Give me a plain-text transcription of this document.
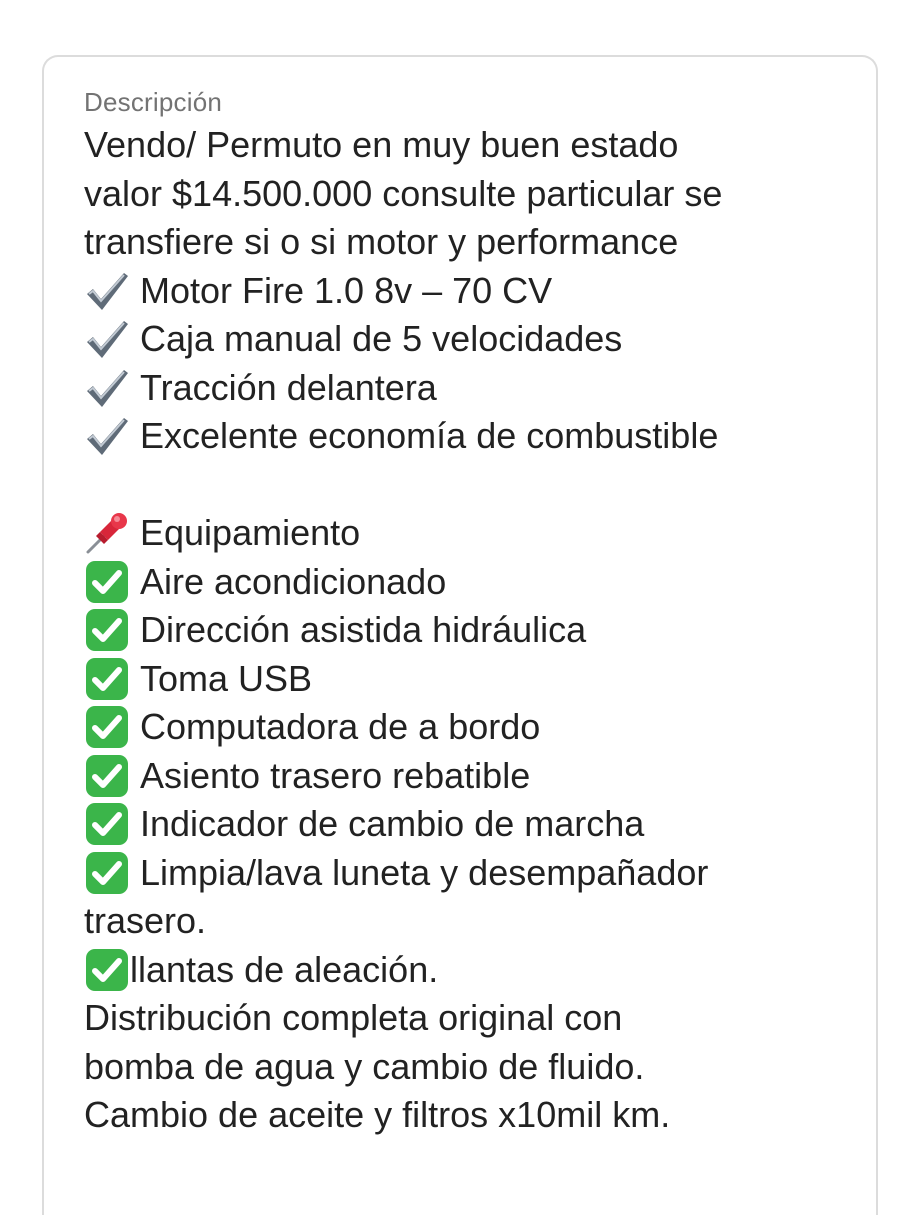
Descripción
Vendo/ Permuto en muy buen estado
valor $14.500.000 consulte particular se
transfiere si o si motor y performance
Motor Fire 1.0 8v – 70 CV
Caja manual de 5 velocidades
Tracción delantera
Excelente economía de combustible
Equipamiento
Aire acondicionado
Dirección asistida hidráulica
Toma USB
Computadora de a bordo
Asiento trasero rebatible
Indicador de cambio de marcha
Limpia/lava luneta y desempañador
trasero.
llantas de aleación.
Distribución completa original con
bomba de agua y cambio de fluido.
Cambio de aceite y filtros x10mil km.
